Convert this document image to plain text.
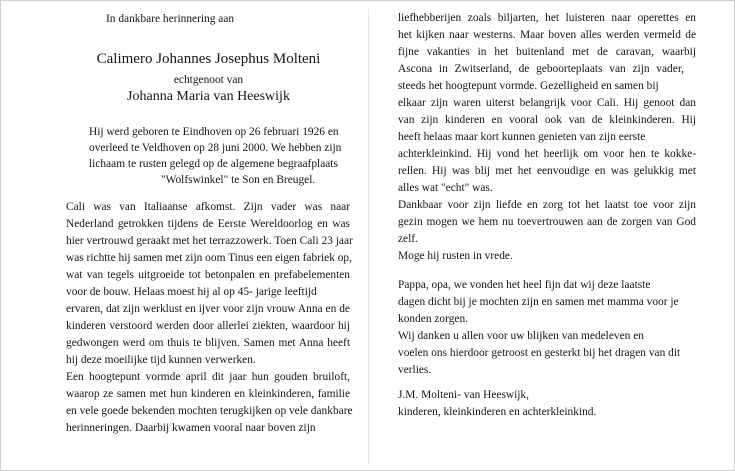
In dankbare herinnering aan
Calimero Johannes Josephus Molteni
echtgenoot van
Johanna Maria van Heeswijk
Hij werd geboren te Eindhoven op 26 februari 1926 en
overleed te Veldhoven op 28 juni 2000. We hebben zijn
lichaam te rusten gelegd op de algemene begraafplaats
"Wolfswinkel" te Son en Breugel.
Cali was van Italiaanse afkomst. Zijn vader was naar
Nederland getrokken tijdens de Eerste Wereldoorlog en was
hier vertrouwd geraakt met het terrazzowerk. Toen Cali 23 jaar
was richtte hij samen met zijn oom Tinus een eigen fabriek op,
wat van tegels uitgroeide tot betonpalen en prefabelementen
voor de bouw. Helaas moest hij al op 45- jarige leeftijd
ervaren, dat zijn werklust en ijver voor zijn vrouw Anna en de
kinderen verstoord werden door allerlei ziekten, waardoor hij
gedwongen werd om thuis te blijven. Samen met Anna heeft
hij deze moeilijke tijd kunnen verwerken.
Een hoogtepunt vormde april dit jaar hun gouden bruiloft,
waarop ze samen met hun kinderen en kleinkinderen, familie
en vele goede bekenden mochten terugkijken op vele dankbare
herinneringen. Daarbij kwamen vooral naar boven zijn
liefhebberijen zoals biljarten, het luisteren naar operettes en
het kijken naar westerns. Maar boven alles werden vermeld de
fijne vakanties in het buitenland met de caravan, waarbij
Ascona in Zwitserland, de geboorteplaats van zijn vader,
steeds het hoogtepunt vormde. Gezelligheid en samen bij
elkaar zijn waren uiterst belangrijk voor Cali. Hij genoot dan
van zijn kinderen en vooral ook van de kleinkinderen. Hij
heeft helaas maar kort kunnen genieten van zijn eerste
achterkleinkind. Hij vond het heerlijk om voor hen te kokke-
rellen. Hij was blij met het eenvoudige en was gelukkig met
alles wat "echt" was.
Dankbaar voor zijn liefde en zorg tot het laatst toe voor zijn
gezin mogen we hem nu toevertrouwen aan de zorgen van God
zelf.
Moge hij rusten in vrede.
Pappa, opa, we vonden het heel fijn dat wij deze laatste
dagen dicht bij je mochten zijn en samen met mamma voor je
konden zorgen.
Wij danken u allen voor uw blijken van medeleven en
voelen ons hierdoor getroost en gesterkt bij het dragen van dit
verlies.
J.M. Molteni- van Heeswijk,
kinderen, kleinkinderen en achterkleinkind.
